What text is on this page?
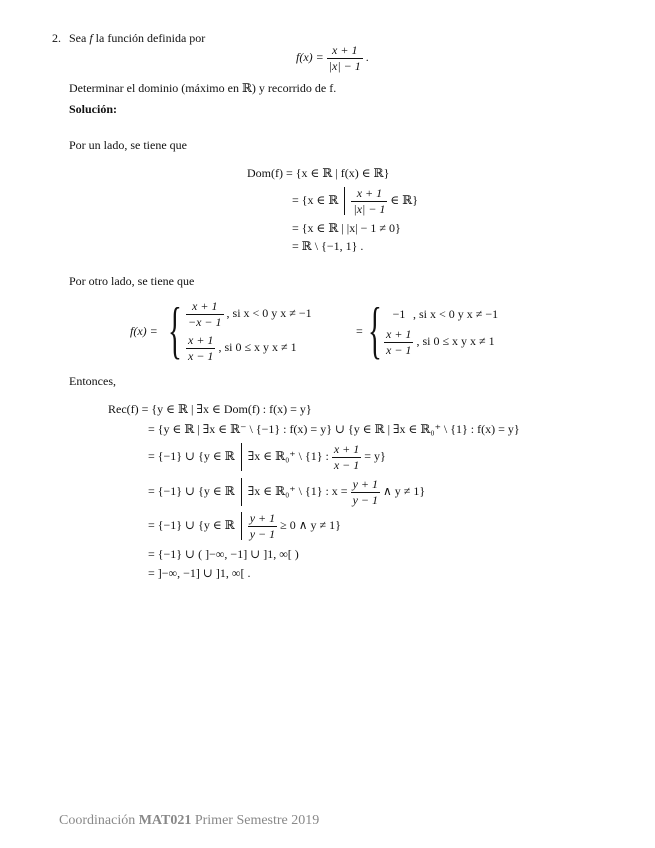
2. Sea f la función definida por
$f(x) = \frac{x + 1}{|x| - 1}$ .
Determinar el dominio (máximo en ℝ) y recorrido de f.
Solución:
Por un lado, se tiene que
Dom(f) = {x ∈ ℝ | f(x) ∈ ℝ}
= {x ∈ ℝ $\frac{x + 1}{|x| - 1}$ ∈ ℝ}
= {x ∈ ℝ | |x| − 1 ≠ 0}
= ℝ \ {−1, 1} .
Por otro lado, se tiene que
f(x) = { $\frac{x + 1}{-x - 1}$ , si x < 0 y x ≠ −1
$\frac{x + 1}{x - 1}$ , si 0 ≤ x y x ≠ 1
= { −1 , si x < 0 y x ≠ −1
$\frac{x + 1}{x - 1}$ , si 0 ≤ x y x ≠ 1
Entonces,
Rec(f) = {y ∈ ℝ | ∃x ∈ Dom(f) : f(x) = y}
= {y ∈ ℝ | ∃x ∈ ℝ⁻ \ {−1} : f(x) = y} ∪ {y ∈ ℝ | ∃x ∈ ℝ₀⁺ \ {1} : f(x) = y}
= {−1} ∪ {y ∈ ℝ ∃x ∈ ℝ₀⁺ \ {1} : $\frac{x + 1}{x - 1} = y$}
= {−1} ∪ {y ∈ ℝ ∃x ∈ ℝ₀⁺ \ {1} : $x = \frac{y + 1}{y - 1}$ ∧ y ≠ 1}
= {−1} ∪ {y ∈ ℝ $\frac{y + 1}{y - 1} \ge 0$ ∧ y ≠ 1}
= {−1} ∪ ( ]−∞, −1] ∪ ]1, ∞[ )
= ]−∞, −1] ∪ ]1, ∞[ .
Coordinación MAT021 Primer Semestre 2019
